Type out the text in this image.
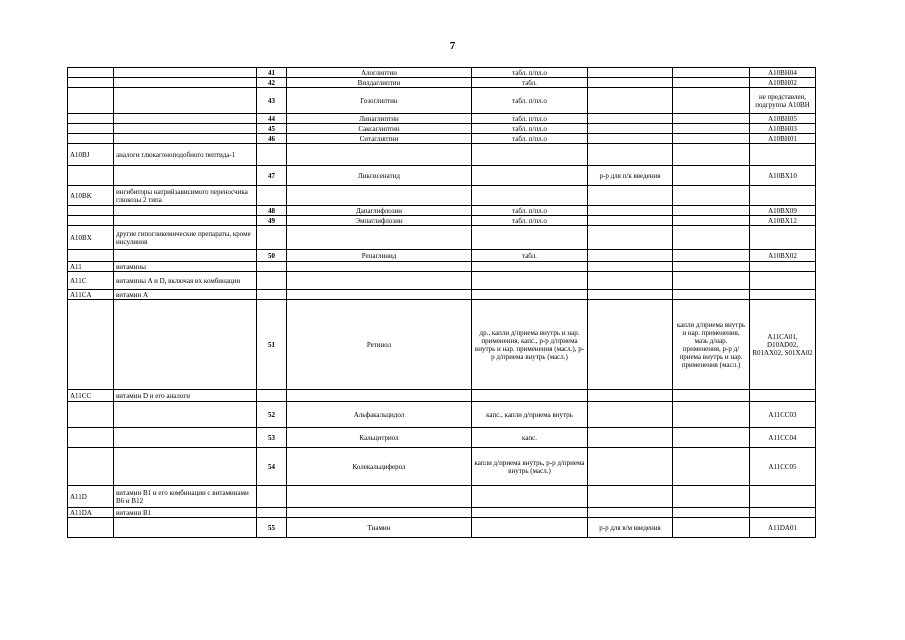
7
		41	Алоглиптин	табл. п/пл.о			A10BH04
		42	Вилдаглиптин	табл.			A10BH02
		43	Гозоглиптин	табл. п/пл.о			не представлен, подгруппа A10BH
		44	Линаглиптин	табл. п/пл.о			A10BH05
		45	Саксаглиптин	табл. п/пл.о			A10BH03
		46	Ситаглиптин	табл. п/пл.о			A10BH01
A10BJ	аналоги глюкагоноподобного пептида-1						
		47	Ликсисенатид		р-р для п/к введения		A10BX10
A10BK	ингибиторы натрийзависимого переносчика глюкозы 2 типа						
		48	Дапаглифлозин	табл. п/пл.о			A10BX09
		49	Эмпаглифлозин	табл. п/пл.о			A10BX12
A10BX	другие гипогликемические препараты, кроме инсулинов						
		50	Репаглинид	табл.			A10BX02
A11	витамины						
A11C	витамины A и D, включая их комбинации						
A11CA	витамин A						
		51	Ретинол	др., капли д/приема внутрь и нар. применения, капс., р-р д/приема внутрь и нар. применения (масл.), р-р д/приема внутрь (масл.)		капли д/приема внутрь и нар. применения, мазь д/нар. применения, р-р д/приема внутрь и нар. применения (масл.)	A11CA01, D10AD02, R01AX02, S01XA02
A11CC	витамин D и его аналоги						
		52	Альфакальцидол	капс., капли д/приема внутрь			A11CC03
		53	Кальцитриол	капс.			A11CC04
		54	Колекальциферол	капли д/приема внутрь, р-р д/приема внутрь (масл.)			A11CC05
A11D	витамин B1 и его комбинации с витаминами B6 и B12						
A11DA	витамин B1						
		55	Тиамин		р-р для в/м введения		A11DA01
